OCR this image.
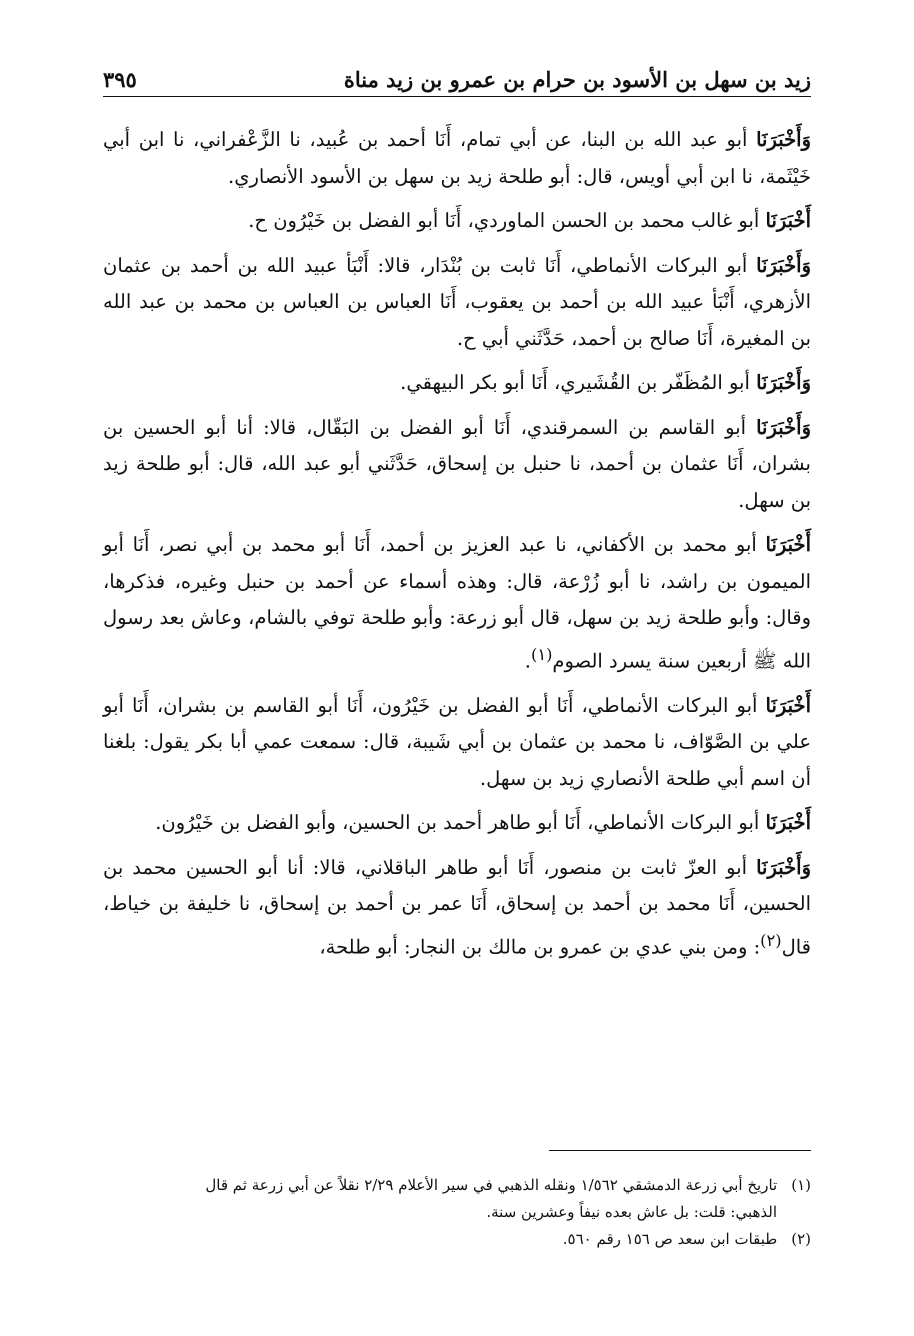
زيد بن سهل بن الأسود بن حرام بن عمرو بن زيد مناة
٣٩٥

وَأَخْبَرَنَا أبو عبد الله بن البنا، عن أبي تمام، أَنَا أحمد بن عُبيد، نا الزَّعْفراني، نا ابن أبي خَيْثَمة، نا ابن أبي أويس، قال: أبو طلحة زيد بن سهل بن الأسود الأنصاري.

أَخْبَرَنَا أبو غالب محمد بن الحسن الماوردي، أَنَا أبو الفضل بن خَيْرُون ح.

وَأَخْبَرَنَا أبو البركات الأنماطي، أَنَا ثابت بن بُنْدَار، قالا: أَنْبَأ عبيد الله بن أحمد بن عثمان الأزهري، أَنْبَأ عبيد الله بن أحمد بن يعقوب، أَنَا العباس بن العباس بن محمد بن عبد الله بن المغيرة، أَنَا صالح بن أحمد، حَدَّثَني أبي ح.

وَأَخْبَرَنَا أبو المُظَفّر بن القُشَيري، أَنَا أبو بكر البيهقي.

وَأَخْبَرَنَا أبو القاسم بن السمرقندي، أَنَا أبو الفضل بن البَقّال، قالا: أنا أبو الحسين بن بشران، أَنَا عثمان بن أحمد، نا حنبل بن إسحاق، حَدَّثَني أبو عبد الله، قال: أبو طلحة زيد بن سهل.

أَخْبَرَنَا أبو محمد بن الأكفاني، نا عبد العزيز بن أحمد، أَنَا أبو محمد بن أبي نصر، أَنَا أبو الميمون بن راشد، نا أبو زُرْعة، قال: وهذه أسماء عن أحمد بن حنبل وغيره، فذكرها، وقال: وأبو طلحة زيد بن سهل، قال أبو زرعة: وأبو طلحة توفي بالشام، وعاش بعد رسول الله ﷺ أربعين سنة يسرد الصوم$^{(١)}$.

أَخْبَرَنَا أبو البركات الأنماطي، أَنَا أبو الفضل بن خَيْرُون، أَنَا أبو القاسم بن بشران، أَنَا أبو علي بن الصَّوّاف، نا محمد بن عثمان بن أبي شَيبة، قال: سمعت عمي أبا بكر يقول: بلغنا أن اسم أبي طلحة الأنصاري زيد بن سهل.

أَخْبَرَنَا أبو البركات الأنماطي، أَنَا أبو طاهر أحمد بن الحسين، وأبو الفضل بن خَيْرُون.

وَأَخْبَرَنَا أبو العزّ ثابت بن منصور، أَنَا أبو طاهر الباقلاني، قالا: أنا أبو الحسين محمد بن الحسين، أَنَا محمد بن أحمد بن إسحاق، أَنَا عمر بن أحمد بن إسحاق، نا خليفة بن خياط، قال$^{(٢)}$: ومن بني عدي بن عمرو بن مالك بن النجار: أبو طلحة،

(١)تاريخ أبي زرعة الدمشقي ١/٥٦٢ ونقله الذهبي في سير الأعلام ٢/٢٩ نقلاً عن أبي زرعة ثم قال

الذهبي: قلت: بل عاش بعده نيفاً وعشرين سنة.

(٢)طبقات ابن سعد ص ١٥٦ رقم ٥٦٠.
